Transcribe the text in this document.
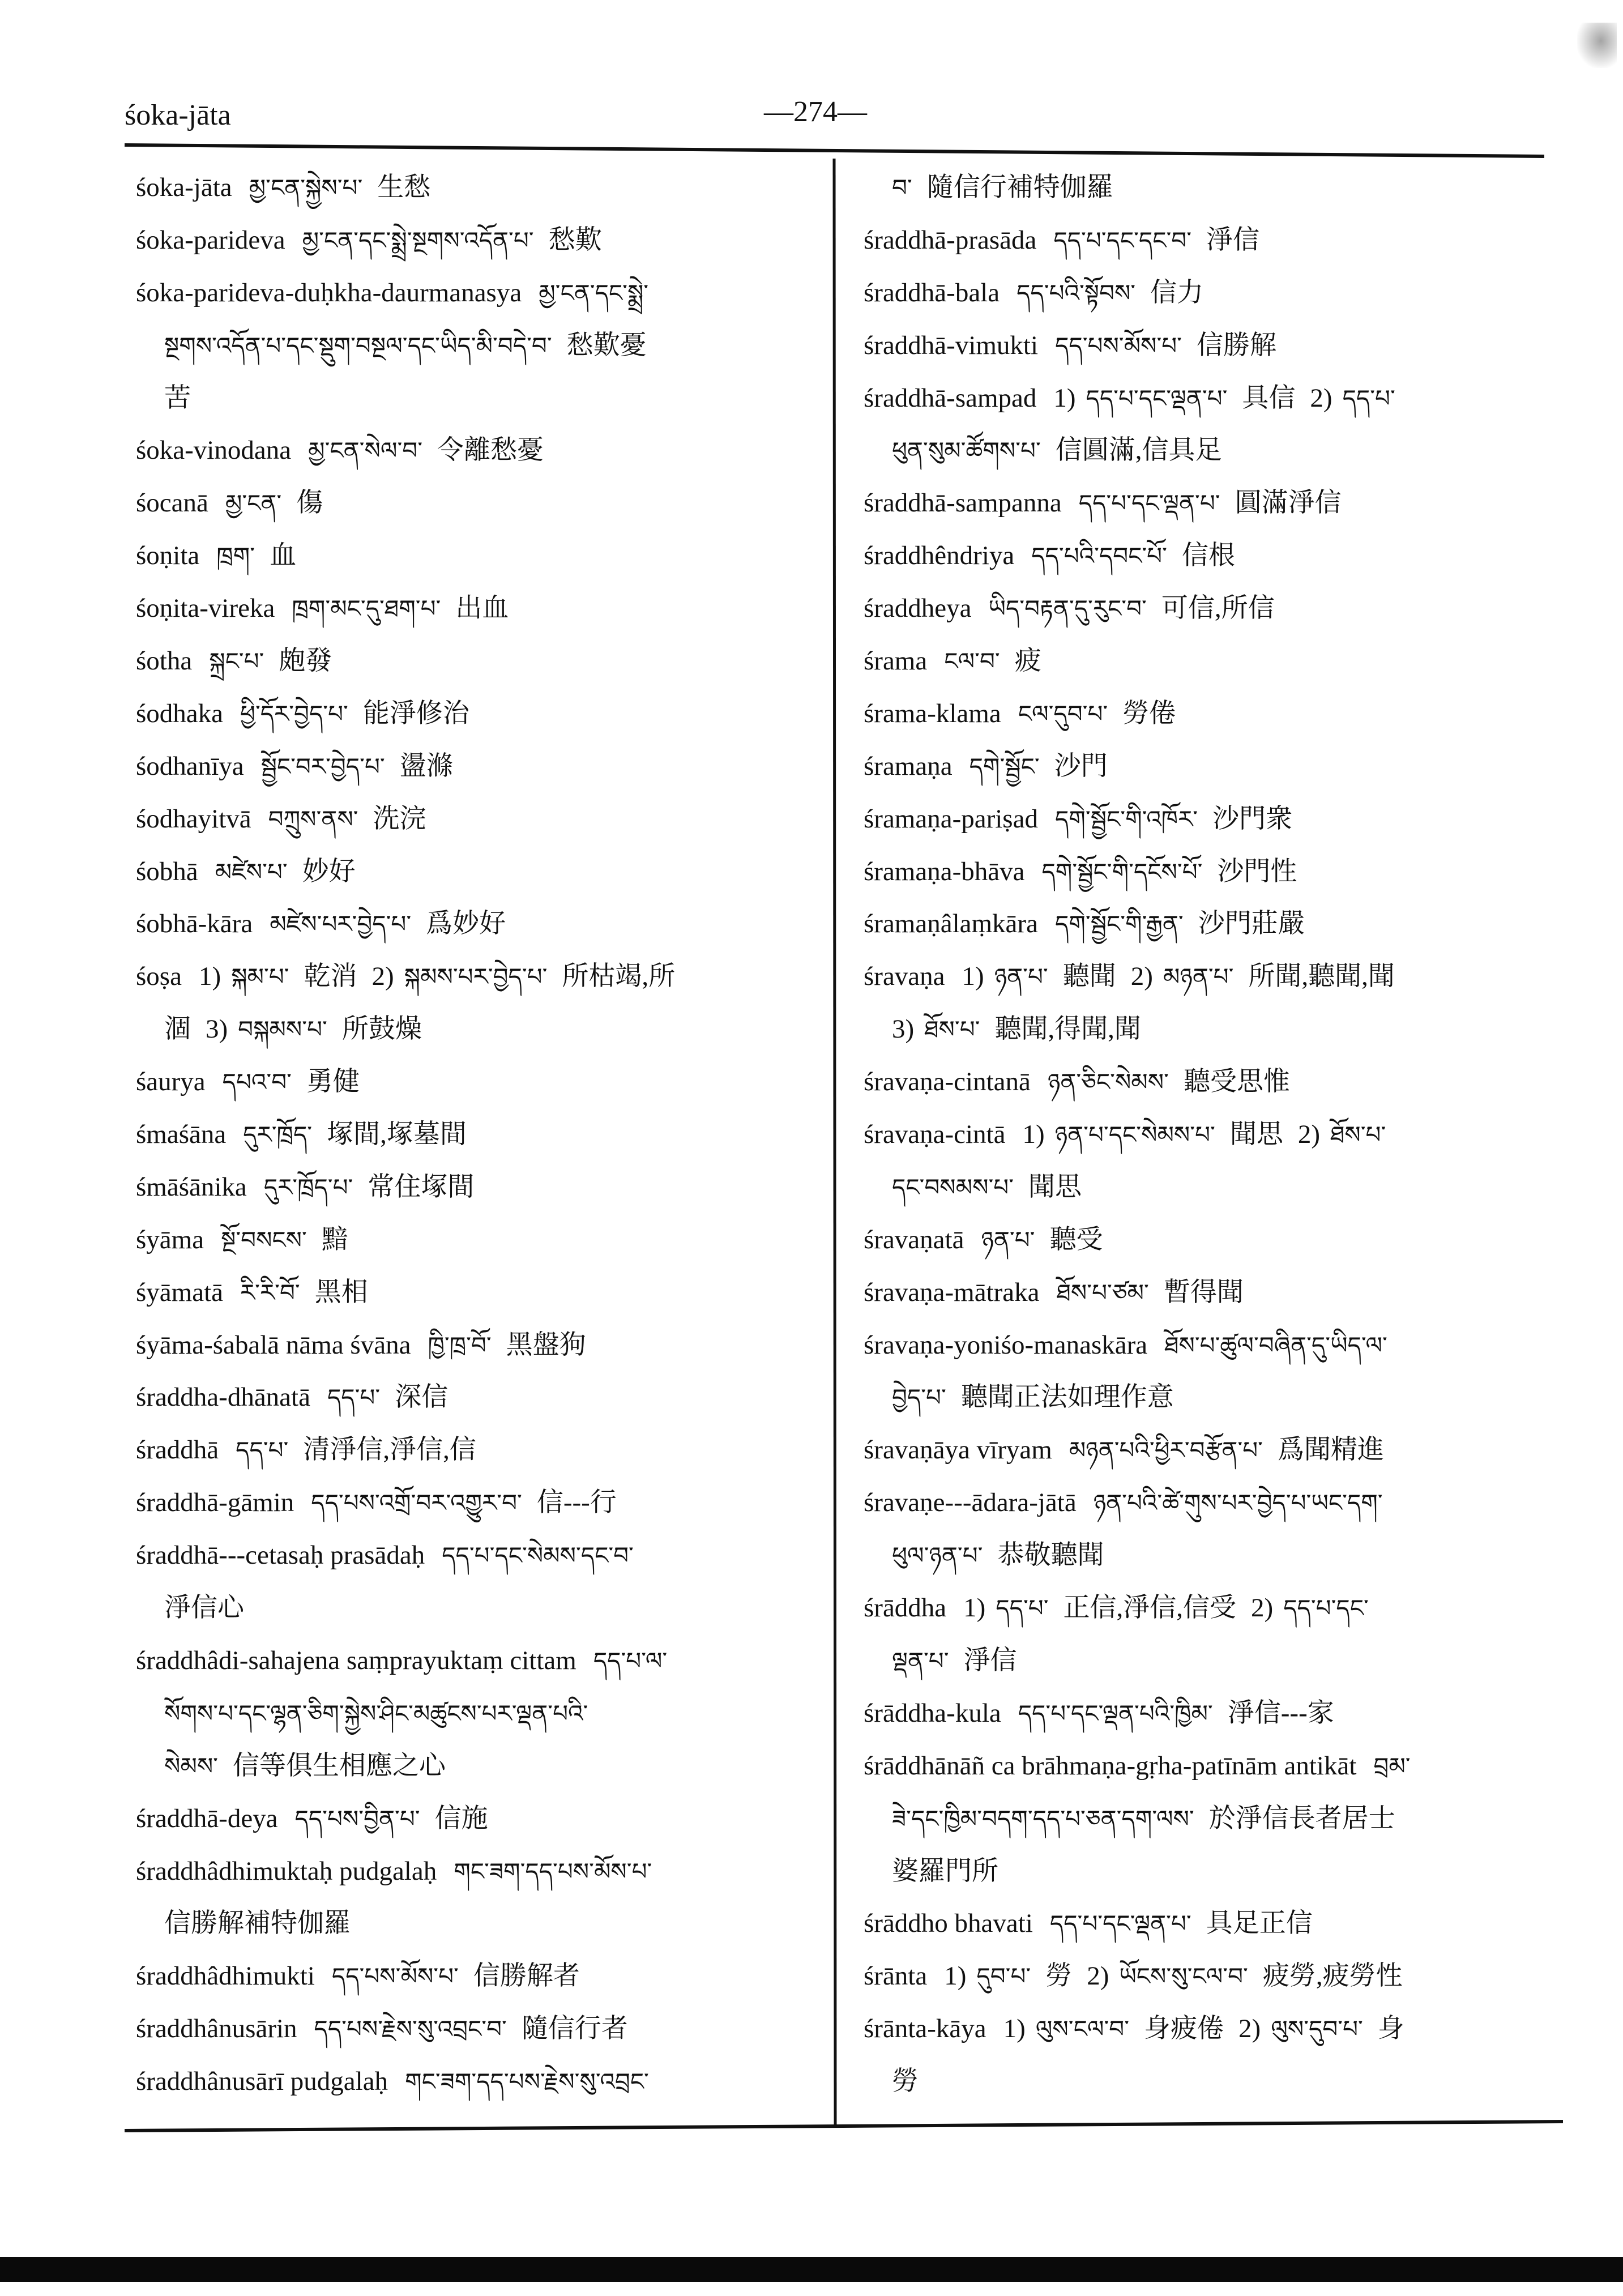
śoka-jāta	—274—
śoka-jāta མྱ་ངན་སྐྱེས་པ་ 生愁
śoka-parideva མྱ་ངན་དང་སྨྲེ་སྔགས་འདོན་པ་ 愁歎
śoka-parideva-duḥkha-daurmanasya མྱ་ངན་དང་སྨྲེ་
སྔགས་འདོན་པ་དང་སྡུག་བསྔལ་དང་ཡིད་མི་བདེ་བ་ 愁歎憂
苦
śoka-vinodana མྱ་ངན་སེལ་བ་ 令離愁憂
śocanā མྱ་ངན་ 傷
śoṇita ཁྲག་ 血
śoṇita-vireka ཁྲག་མང་དུ་ཐག་པ་ 出血
śotha སྐྲང་པ་ 皰發
śodhaka ཕྱི་དོར་བྱེད་པ་ 能淨修治
śodhanīya སྦྱོང་བར་བྱེད་པ་ 盪滌
śodhayitvā བཀྲུས་ནས་ 洗浣
śobhā མཛེས་པ་ 妙好
śobhā-kāra མཛེས་པར་བྱེད་པ་ 爲妙好
śoṣa 1) སྐམ་པ་ 乾消 2) སྐམས་པར་བྱེད་པ་ 所枯竭,所
涸 3) བསྐམས་པ་ 所鼓燥
śaurya དཔའ་བ་ 勇健
śmaśāna དུར་ཁྲོད་ 塚間,塚墓間
śmāśānika དུར་ཁྲོད་པ་ 常住塚間
śyāma སྔོ་བསངས་ 黯
śyāmatā རི་རི་བོ་ 黑相
śyāma-śabalā nāma śvāna ཁྱི་ཁྲ་བོ་ 黑盤狗
śraddha-dhānatā དད་པ་ 深信
śraddhā དད་པ་ 清淨信,淨信,信
śraddhā-gāmin དད་པས་འགྲོ་བར་འགྱུར་བ་ 信---行
śraddhā---cetasaḥ prasādaḥ དད་པ་དང་སེམས་དང་བ་
淨信心
śraddhâdi-sahajena saṃprayuktaṃ cittam དད་པ་ལ་
སོགས་པ་དང་ལྷན་ཅིག་སྐྱེས་ཤིང་མཚུངས་པར་ལྡན་པའི་
སེམས་ 信等俱生相應之心
śraddhā-deya དད་པས་བྱིན་པ་ 信施
śraddhâdhimuktaḥ pudgalaḥ གང་ཟག་དད་པས་མོས་པ་
信勝解補特伽羅
śraddhâdhimukti དད་པས་མོས་པ་ 信勝解者
śraddhânusārin དད་པས་རྗེས་སུ་འབྲང་བ་ 隨信行者
śraddhânusārī pudgalaḥ གང་ཟག་དད་པས་རྗེས་སུ་འབྲང་
བ་ 隨信行補特伽羅
śraddhā-prasāda དད་པ་དང་དང་བ་ 淨信
śraddhā-bala དད་པའི་སྟོབས་ 信力
śraddhā-vimukti དད་པས་མོས་པ་ 信勝解
śraddhā-sampad 1) དད་པ་དང་ལྡན་པ་ 具信 2) དད་པ་
ཕུན་སུམ་ཚོགས་པ་ 信圓滿,信具足
śraddhā-sampanna དད་པ་དང་ལྡན་པ་ 圓滿淨信
śraddhêndriya དད་པའི་དབང་པོ་ 信根
śraddheya ཡིད་བརྟན་དུ་རུང་བ་ 可信,所信
śrama ངལ་བ་ 疲
śrama-klama ངལ་དུབ་པ་ 勞倦
śramaṇa དགེ་སྦྱོང་ 沙門
śramaṇa-pariṣad དགེ་སྦྱོང་གི་འཁོར་ 沙門衆
śramaṇa-bhāva དགེ་སྦྱོང་གི་དངོས་པོ་ 沙門性
śramaṇâlaṃkāra དགེ་སྦྱོང་གི་རྒྱན་ 沙門莊嚴
śravaṇa 1) ཉན་པ་ 聽聞 2) མཉན་པ་ 所聞,聽聞,聞
3) ཐོས་པ་ 聽聞,得聞,聞
śravaṇa-cintanā ཉན་ཅིང་སེམས་ 聽受思惟
śravaṇa-cintā 1) ཉན་པ་དང་སེམས་པ་ 聞思 2) ཐོས་པ་
དང་བསམས་པ་ 聞思
śravaṇatā ཉན་པ་ 聽受
śravaṇa-mātraka ཐོས་པ་ཙམ་ 暫得聞
śravaṇa-yoniśo-manaskāra ཐོས་པ་ཚུལ་བཞིན་དུ་ཡིད་ལ་
བྱེད་པ་ 聽聞正法如理作意
śravaṇāya vīryam མཉན་པའི་ཕྱིར་བརྩོན་པ་ 爲聞精進
śravaṇe---ādara-jātā ཉན་པའི་ཚེ་གུས་པར་བྱེད་པ་ཡང་དག་
ཕུལ་ཉན་པ་ 恭敬聽聞
śrāddha 1) དད་པ་ 正信,淨信,信受 2) དད་པ་དང་
ལྡན་པ་ 淨信
śrāddha-kula དད་པ་དང་ལྡན་པའི་ཁྱིམ་ 淨信---家
śrāddhānāñ ca brāhmaṇa-gṛha-patīnām antikāt བྲམ་
ཟེ་དང་ཁྱིམ་བདག་དད་པ་ཅན་དག་ལས་ 於淨信長者居士
婆羅門所
śrāddho bhavati དད་པ་དང་ལྡན་པ་ 具足正信
śrānta 1) དུབ་པ་ 勞 2) ཡོངས་སུ་ངལ་བ་ 疲勞,疲勞性
śrānta-kāya 1) ལུས་ངལ་བ་ 身疲倦 2) ལུས་དུབ་པ་ 身
勞
